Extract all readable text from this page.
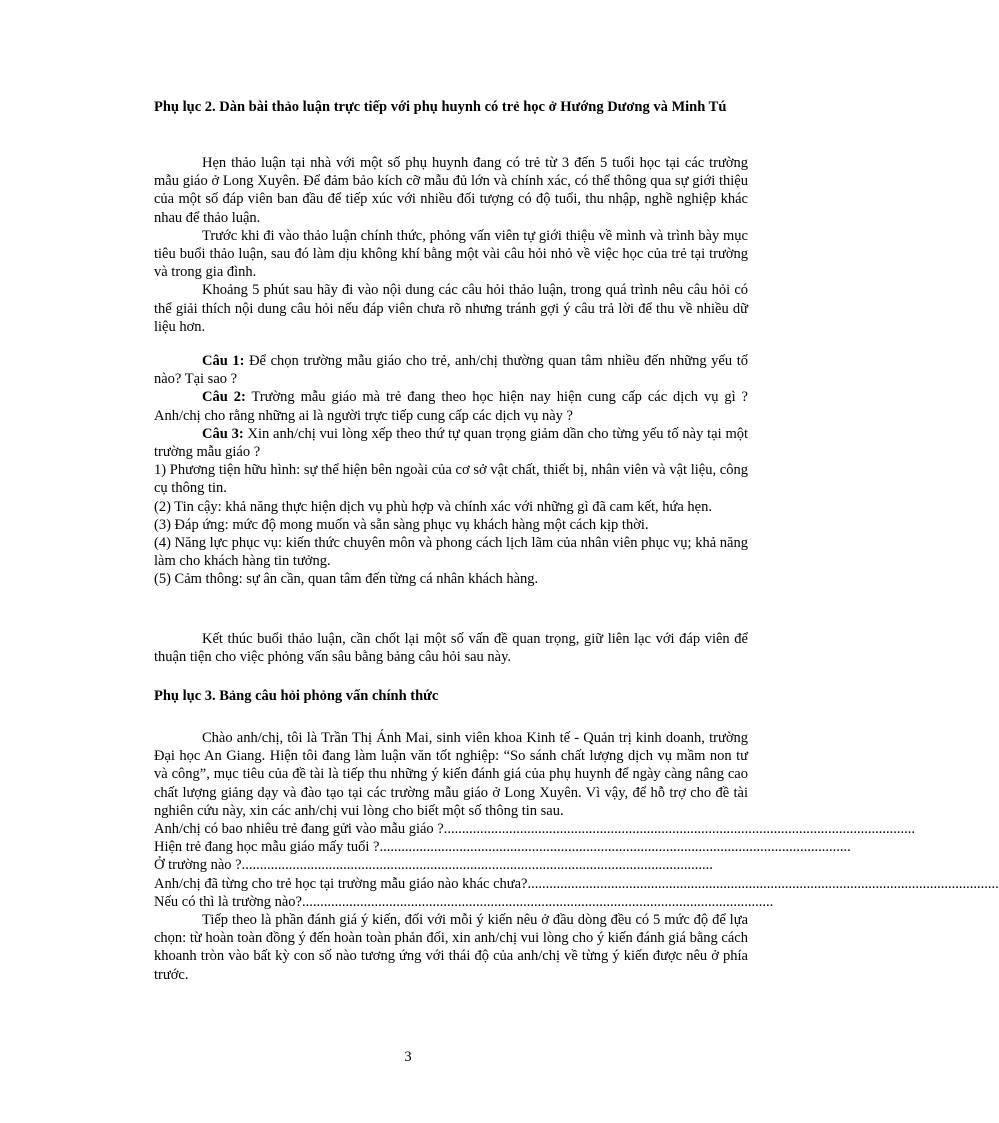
Phụ lục 2. Dàn bài thảo luận trực tiếp với phụ huynh có trẻ học ở Hướng Dương và Minh Tú
Hẹn thảo luận tại nhà với một số phụ huynh đang có trẻ từ 3 đến 5 tuổi học tại các trường mẫu giáo ở Long Xuyên. Để đảm bảo kích cỡ mẫu đủ lớn và chính xác, có thể thông qua sự giới thiệu của một số đáp viên ban đầu để tiếp xúc với nhiều đối tượng có độ tuổi, thu nhập, nghề nghiệp khác nhau để thảo luận.
Trước khi đi vào thảo luận chính thức, phỏng vấn viên tự giới thiệu về mình và trình bày mục tiêu buổi thảo luận, sau đó làm dịu không khí bằng một vài câu hỏi nhỏ về việc học của trẻ tại trường và trong gia đình.
Khoảng 5 phút sau hãy đi vào nội dung các câu hỏi thảo luận, trong quá trình nêu câu hỏi có thể giải thích nội dung câu hỏi nếu đáp viên chưa rõ nhưng tránh gợi ý câu trả lời để thu về nhiều dữ liệu hơn.
Câu 1: Để chọn trường mẫu giáo cho trẻ, anh/chị thường quan tâm nhiều đến những yếu tố nào? Tại sao ?
Câu 2: Trường mẫu giáo mà trẻ đang theo học hiện nay hiện cung cấp các dịch vụ gì ? Anh/chị cho rằng những ai là người trực tiếp cung cấp các dịch vụ này ?
Câu 3: Xin anh/chị vui lòng xếp theo thứ tự quan trọng giảm dần cho từng yếu tố này tại một trường mẫu giáo ?
1) Phương tiện hữu hình: sự thể hiện bên ngoài của cơ sở vật chất, thiết bị, nhân viên và vật liệu, công cụ thông tin.
(2) Tin cậy: khả năng thực hiện dịch vụ phù hợp và chính xác với những gì đã cam kết, hứa hẹn.
(3) Đáp ứng: mức độ mong muốn và sẵn sàng phục vụ khách hàng một cách kịp thời.
(4) Năng lực phục vụ: kiến thức chuyên môn và phong cách lịch lãm của nhân viên phục vụ; khả năng làm cho khách hàng tin tưởng.
(5) Cảm thông: sự ân cần, quan tâm đến từng cá nhân khách hàng.
Kết thúc buổi thảo luận, cần chốt lại một số vấn đề quan trọng, giữ liên lạc với đáp viên để thuận tiện cho việc phỏng vấn sâu bằng bảng câu hỏi sau này.
Phụ lục 3. Bảng câu hỏi phỏng vấn chính thức
Chào anh/chị, tôi là Trần Thị Ánh Mai, sinh viên khoa Kinh tế - Quản trị kinh doanh, trường Đại học An Giang. Hiện tôi đang làm luận văn tốt nghiệp: “So sánh chất lượng dịch vụ mầm non tư và công”, mục tiêu của đề tài là tiếp thu những ý kiến đánh giá của phụ huynh để ngày càng nâng cao chất lượng giảng dạy và đào tạo tại các trường mẫu giáo ở Long Xuyên. Vì vậy, để hỗ trợ cho đề tài nghiên cứu này, xin các anh/chị vui lòng cho biết một số thông tin sau.
Anh/chị có bao nhiêu trẻ đang gửi vào mẫu giáo ? ..................................................................................................................................
Hiện trẻ đang học mẫu giáo mấy tuổi ? ..................................................................................................................................
Ở trường nào ? ..................................................................................................................................
Anh/chị đã từng cho trẻ học tại trường mẫu giáo nào khác chưa? ..................................................................................................................................
Nếu có thì là trường nào? ..................................................................................................................................
Tiếp theo là phần đánh giá ý kiến, đối với mỗi ý kiến nêu ở đầu dòng đều có 5 mức độ để lựa chọn: từ hoàn toàn đồng ý đến hoàn toàn phản đối, xin anh/chị vui lòng cho ý kiến đánh giá bằng cách khoanh tròn vào bất kỳ con số nào tương ứng với thái độ của anh/chị về từng ý kiến được nêu ở phía trước.
3
